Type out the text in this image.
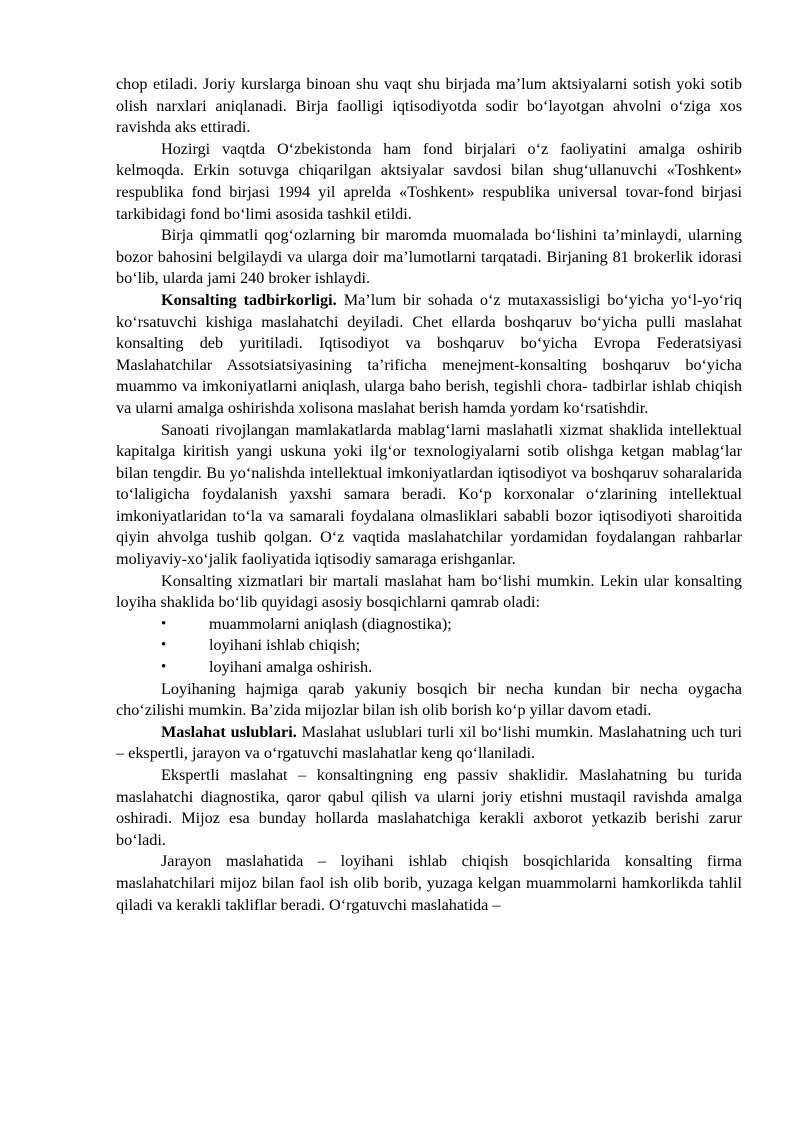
chop etiladi. Joriy kurslarga binoan shu vaqt shu birjada ma’lum aktsiyalarni sotish yoki sotib olish narxlari aniqlanadi. Birja faolligi iqtisodiyotda sodir bo‘layotgan ahvolni o‘ziga xos ravishda aks ettiradi.

Hozirgi vaqtda O‘zbekistonda ham fond birjalari o‘z faoliyatini amalga oshirib kelmoqda. Erkin sotuvga chiqarilgan aktsiyalar savdosi bilan shug‘ullanuvchi «Toshkent» respublika fond birjasi 1994 yil aprelda «Toshkent» respublika universal tovar-fond birjasi tarkibidagi fond bo‘limi asosida tashkil etildi.

Birja qimmatli qog‘ozlarning bir maromda muomalada bo‘lishini ta’minlaydi, ularning bozor bahosini belgilaydi va ularga doir ma’lumotlarni tarqatadi. Birjaning 81 brokerlik idorasi bo‘lib, ularda jami 240 broker ishlaydi.

Konsalting tadbirkorligi. Ma’lum bir sohada o‘z mutaxassisligi bo‘yicha yo‘l-yo‘riq ko‘rsatuvchi kishiga maslahatchi deyiladi. Chet ellarda boshqaruv bo‘yicha pulli maslahat konsalting deb yuritiladi. Iqtisodiyot va boshqaruv bo‘yicha Evropa Federatsiyasi Maslahatchilar Assotsiatsiyasining ta’rificha menejment-konsalting boshqaruv bo‘yicha muammo va imkoniyatlarni aniqlash, ularga baho berish, tegishli chora- tadbirlar ishlab chiqish va ularni amalga oshirishda xolisona maslahat berish hamda yordam ko‘rsatishdir.

Sanoati rivojlangan mamlakatlarda mablag‘larni maslahatli xizmat shaklida intellektual kapitalga kiritish yangi uskuna yoki ilg‘or texnologiyalarni sotib olishga ketgan mablag‘lar bilan tengdir. Bu yo‘nalishda intellektual imkoniyatlardan iqtisodiyot va boshqaruv soharalarida to‘laligicha foydalanish yaxshi samara beradi. Ko‘p korxonalar o‘zlarining intellektual imkoniyatlaridan to‘la va samarali foydalana olmasliklari sababli bozor iqtisodiyoti sharoitida qiyin ahvolga tushib qolgan. O‘z vaqtida maslahatchilar yordamidan foydalangan rahbarlar moliyaviy-xo‘jalik faoliyatida iqtisodiy samaraga erishganlar.

Konsalting xizmatlari bir martali maslahat ham bo‘lishi mumkin. Lekin ular konsalting loyiha shaklida bo‘lib quyidagi asosiy bosqichlarni qamrab oladi:

•	muammolarni aniqlash (diagnostika);
•	loyihani ishlab chiqish;
•	loyihani amalga oshirish.

Loyihaning hajmiga qarab yakuniy bosqich bir necha kundan bir necha oygacha cho‘zilishi mumkin. Ba’zida mijozlar bilan ish olib borish ko‘p yillar davom etadi.

Maslahat uslublari. Maslahat uslublari turli xil bo‘lishi mumkin. Maslahatning uch turi – ekspertli, jarayon va o‘rgatuvchi maslahatlar keng qo‘llaniladi.

Ekspertli maslahat – konsaltingning eng passiv shaklidir. Maslahatning bu turida maslahatchi diagnostika, qaror qabul qilish va ularni joriy etishni mustaqil ravishda amalga oshiradi. Mijoz esa bunday hollarda maslahatchiga kerakli axborot yetkazib berishi zarur bo‘ladi.

Jarayon maslahatida – loyihani ishlab chiqish bosqichlarida konsalting firma maslahatchilari mijoz bilan faol ish olib borib, yuzaga kelgan muammolarni hamkorlikda tahlil qiladi va kerakli takliflar beradi. O‘rgatuvchi maslahatida –
